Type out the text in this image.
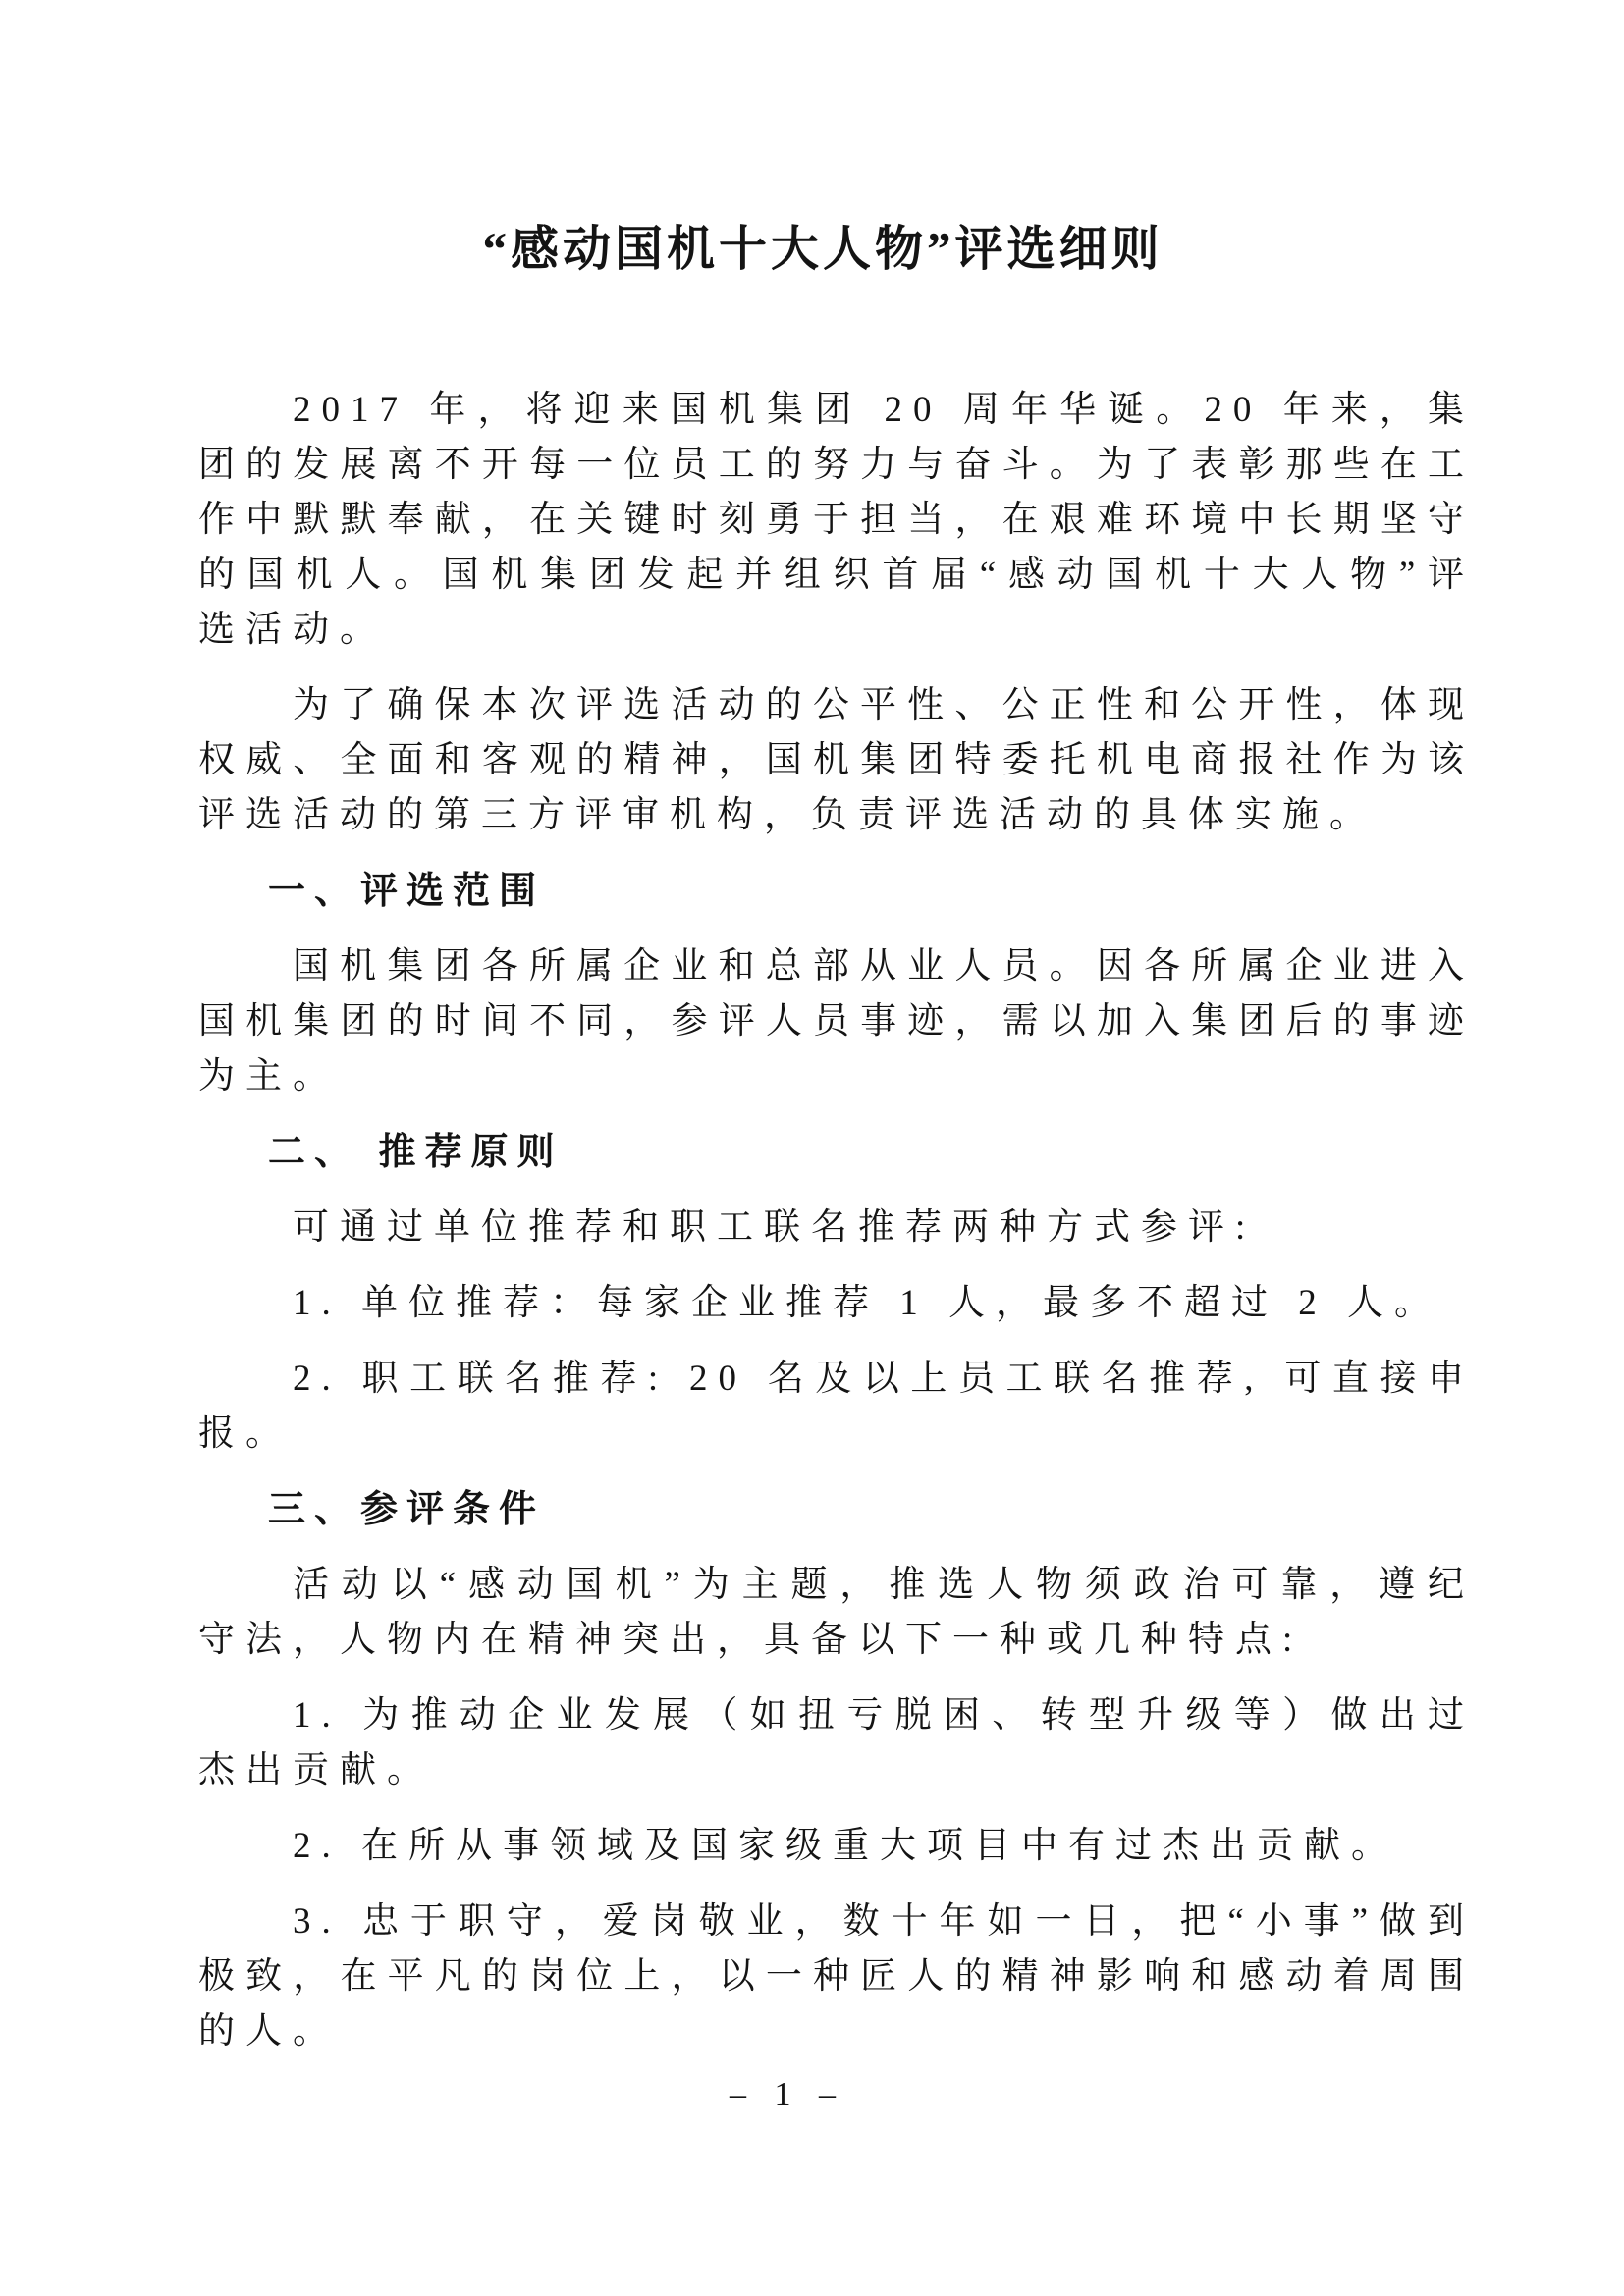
“感动国机十大人物”评选细则

2017 年，将迎来国机集团 20 周年华诞。20 年来，集团的发展离不开每一位员工的努力与奋斗。为了表彰那些在工作中默默奉献，在关键时刻勇于担当，在艰难环境中长期坚守的国机人。国机集团发起并组织首届“感动国机十大人物”评选活动。

为了确保本次评选活动的公平性、公正性和公开性，体现权威、全面和客观的精神，国机集团特委托机电商报社作为该评选活动的第三方评审机构，负责评选活动的具体实施。

一、评选范围

国机集团各所属企业和总部从业人员。因各所属企业进入国机集团的时间不同，参评人员事迹，需以加入集团后的事迹为主。

二、 推荐原则

可通过单位推荐和职工联名推荐两种方式参评:

1. 单位推荐：每家企业推荐 1 人，最多不超过 2 人。

2. 职工联名推荐: 20 名及以上员工联名推荐, 可直接申报。

三、参评条件

活动以“感动国机”为主题，推选人物须政治可靠，遵纪守法，人物内在精神突出，具备以下一种或几种特点:

1. 为推动企业发展（如扭亏脱困、转型升级等）做出过杰出贡献。

2. 在所从事领域及国家级重大项目中有过杰出贡献。

3. 忠于职守，爱岗敬业，数十年如一日，把“小事”做到极致，在平凡的岗位上，以一种匠人的精神影响和感动着周围的人。

– 1 –
